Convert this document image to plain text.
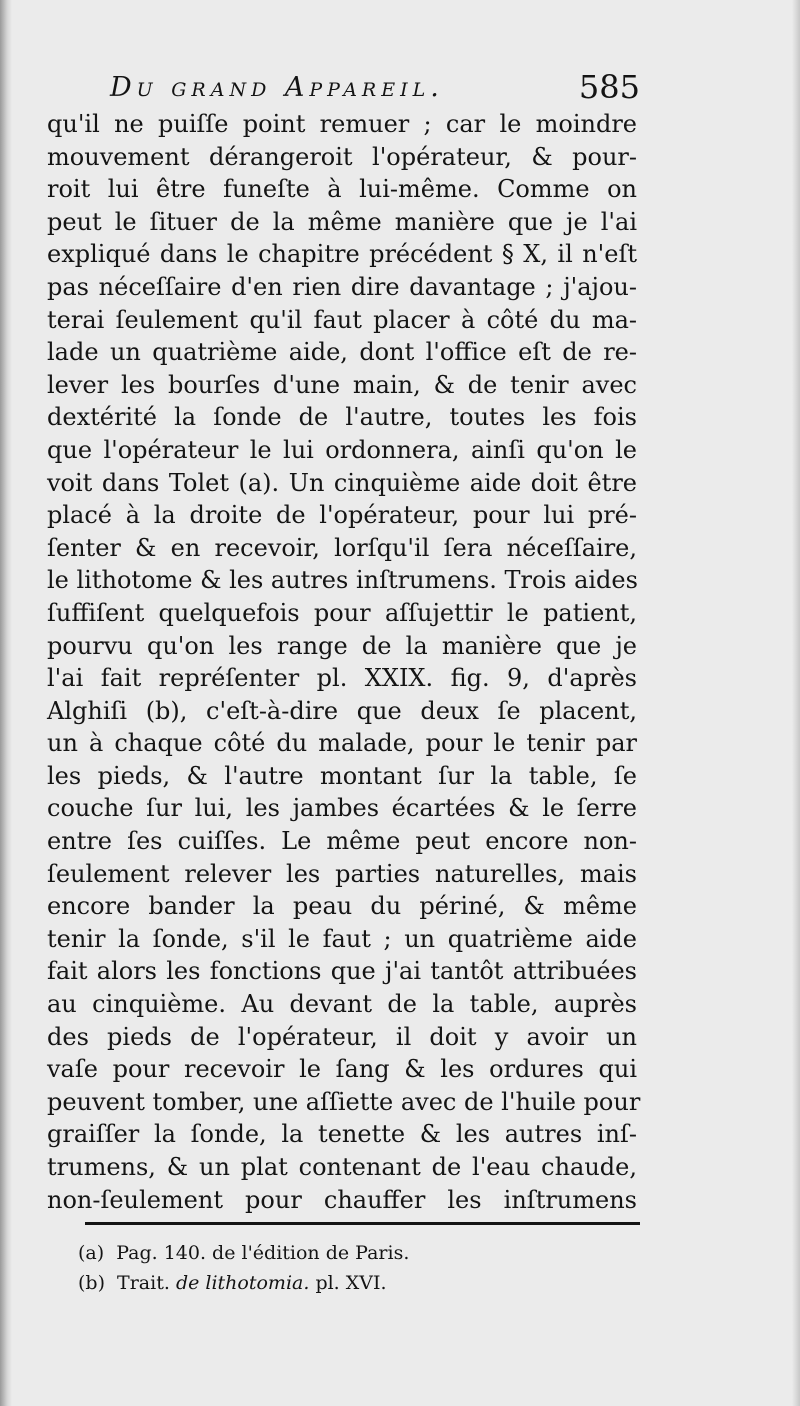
Du grand Appareil.	585
qu'il ne puiſſe point remuer ; car le moindre
mouvement dérangeroit l'opérateur, & pour-
roit lui être funeſte à lui-même. Comme on
peut le ſituer de la même manière que je l'ai
expliqué dans le chapitre précédent § X, il n'eſt
pas néceſſaire d'en rien dire davantage ; j'ajou-
terai ſeulement qu'il faut placer à côté du ma-
lade un quatrième aide, dont l'office eſt de re-
lever les bourſes d'une main, & de tenir avec
dextérité la ſonde de l'autre, toutes les fois
que l'opérateur le lui ordonnera, ainſi qu'on le
voit dans Tolet (a). Un cinquième aide doit être
placé à la droite de l'opérateur, pour lui pré-
ſenter & en recevoir, lorſqu'il ſera néceſſaire,
le lithotome & les autres inſtrumens. Trois aides
ſuffiſent quelquefois pour aſſujettir le patient,
pourvu qu'on les range de la manière que je
l'ai fait repréſenter pl. XXIX. fig. 9, d'après
Alghiſi (b), c'eſt-à-dire que deux ſe placent,
un à chaque côté du malade, pour le tenir par
les pieds, & l'autre montant ſur la table, ſe
couche ſur lui, les jambes écartées & le ſerre
entre ſes cuiſſes. Le même peut encore non-
ſeulement relever les parties naturelles, mais
encore bander la peau du périné, & même
tenir la ſonde, s'il le faut ; un quatrième aide
fait alors les fonctions que j'ai tantôt attribuées
au cinquième. Au devant de la table, auprès
des pieds de l'opérateur, il doit y avoir un
vaſe pour recevoir le ſang & les ordures qui
peuvent tomber, une aſſiette avec de l'huile pour
graiſſer la ſonde, la tenette & les autres inſ-
trumens, & un plat contenant de l'eau chaude,
non-ſeulement pour chauffer les inſtrumens
(a) Pag. 140. de l'édition de Paris.
(b) Trait. de lithotomia. pl. XVI.
